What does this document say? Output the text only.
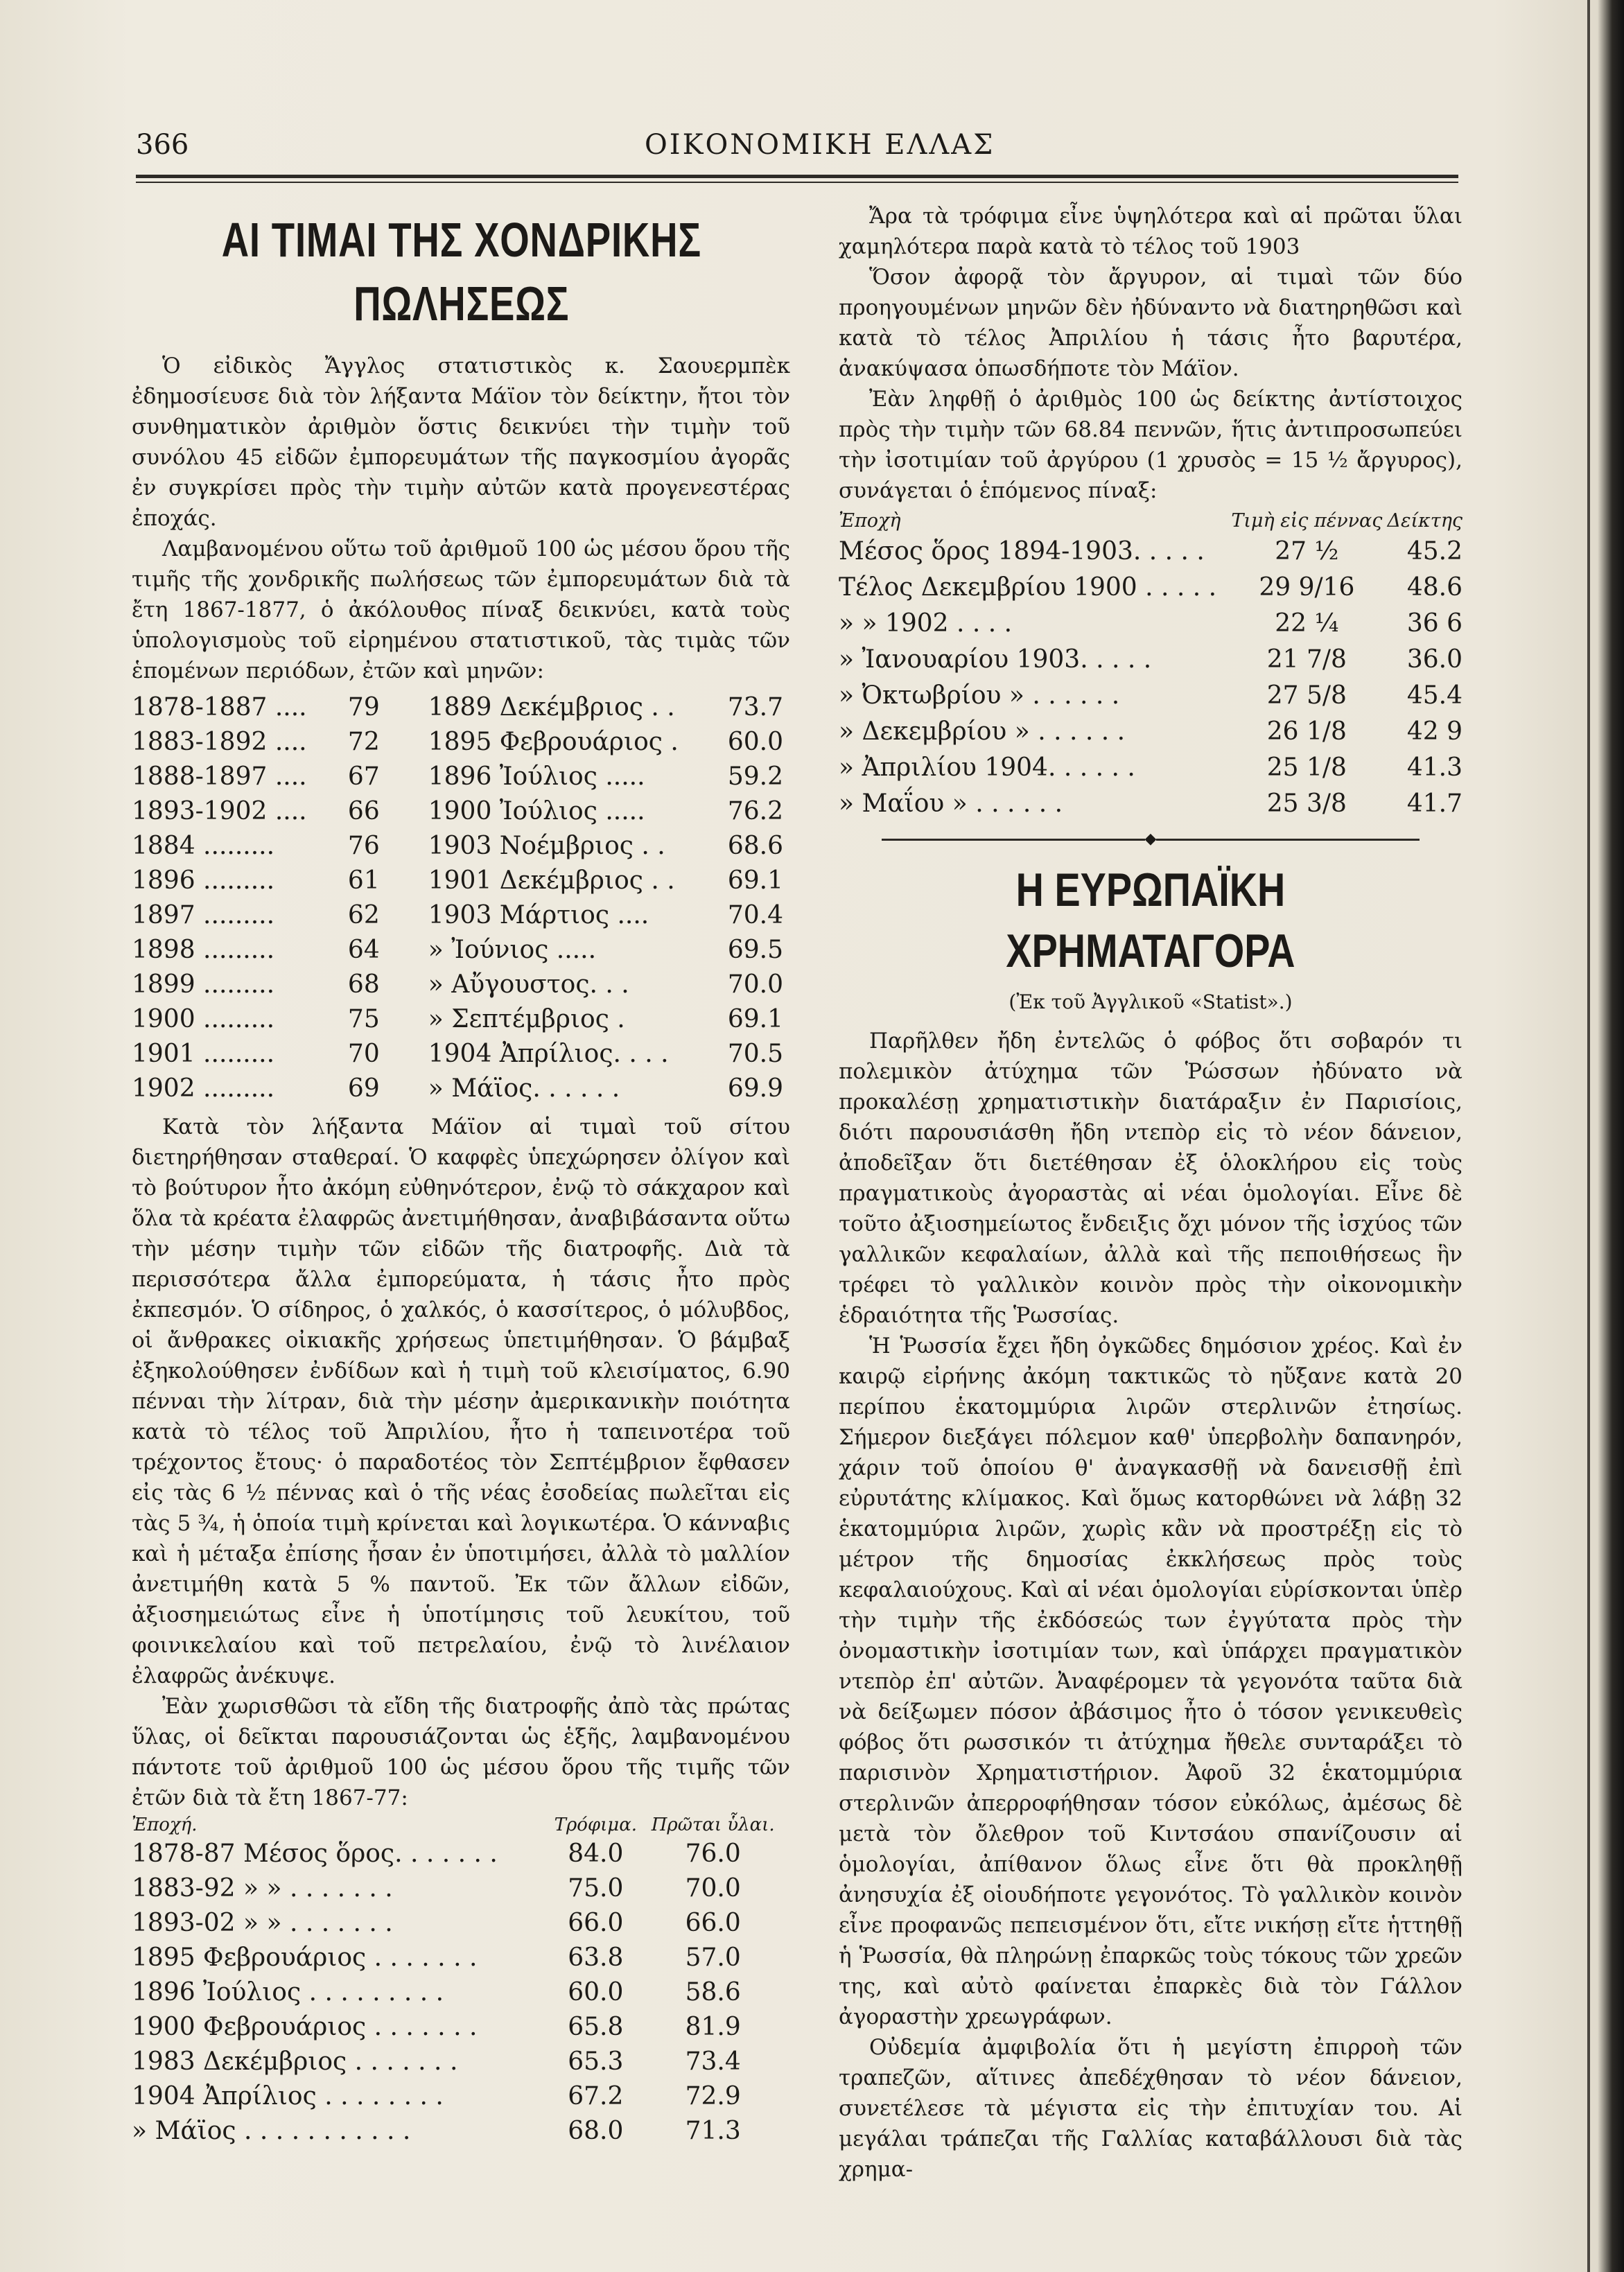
366	ΟΙΚΟΝΟΜΙΚΗ ΕΛΛΑΣ
ΑΙ ΤΙΜΑΙ ΤΗΣ ΧΟΝΔΡΙΚΗΣ ΠΩΛΗΣΕΩΣ

Ὁ εἰδικὸς Ἄγγλος στατιστικὸς κ. Σαουερμπὲκ ἐδημοσίευσε διὰ τὸν λήξαντα Μάϊον τὸν δείκτην, ἤτοι τὸν συνθηματικὸν ἀριθμὸν ὅστις δεικνύει τὴν τιμὴν τοῦ συνόλου 45 εἰδῶν ἐμπορευμάτων τῆς παγκοσμίου ἀγορᾶς ἐν συγκρίσει πρὸς τὴν τιμὴν αὐτῶν κατὰ προγενεστέρας ἐποχάς.

Λαμβανομένου οὕτω τοῦ ἀριθμοῦ 100 ὡς μέσου ὅρου τῆς τιμῆς τῆς χονδρικῆς πωλήσεως τῶν ἐμπορευμάτων διὰ τὰ ἔτη 1867-1877, ὁ ἀκόλουθος πίναξ δεικνύει, κατὰ τοὺς ὑπολογισμοὺς τοῦ εἰρημένου στατιστικοῦ, τὰς τιμὰς τῶν ἑπομένων περιόδων, ἐτῶν καὶ μηνῶν:

1878-1887 ....	79	1889 Δεκέμβριος . .	73.7
1883-1892 ....	72	1895 Φεβρουάριος .	60.0
1888-1897 ....	67	1896 Ἰούλιος .....	59.2
1893-1902 ....	66	1900 Ἰούλιος .....	76.2
1884 .........	76	1903 Νοέμβριος . .	68.6
1896 .........	61	1901 Δεκέμβριος . .	69.1
1897 .........	62	1903 Μάρτιος ....	70.4
1898 .........	64	» Ἰούνιος .....	69.5
1899 .........	68	» Αὔγουστος. . .	70.0
1900 .........	75	» Σεπτέμβριος .	69.1
1901 .........	70	1904 Ἀπρίλιος. . . .	70.5
1902 .........	69	» Μάϊος. . . . . .	69.9

Κατὰ τὸν λήξαντα Μάϊον αἱ τιμαὶ τοῦ σίτου διετηρήθησαν σταθεραί. Ὁ καφφὲς ὑπεχώρησεν ὀλίγον καὶ τὸ βούτυρον ἦτο ἀκόμη εὐθηνότερον, ἐνῷ τὸ σάκχαρον καὶ ὅλα τὰ κρέατα ἐλαφρῶς ἀνετιμήθησαν, ἀναβιβάσαντα οὕτω τὴν μέσην τιμὴν τῶν εἰδῶν τῆς διατροφῆς. Διὰ τὰ περισσότερα ἄλλα ἐμπορεύματα, ἡ τάσις ἦτο πρὸς ἐκπεσμόν. Ὁ σίδηρος, ὁ χαλκός, ὁ κασσίτερος, ὁ μόλυβδος, οἱ ἄνθρακες οἰκιακῆς χρήσεως ὑπετιμήθησαν. Ὁ βάμβαξ ἐξηκολούθησεν ἐνδίδων καὶ ἡ τιμὴ τοῦ κλεισίματος, 6.90 πένναι τὴν λίτραν, διὰ τὴν μέσην ἀμερικανικὴν ποιότητα κατὰ τὸ τέλος τοῦ Ἀπριλίου, ἦτο ἡ ταπεινοτέρα τοῦ τρέχοντος ἔτους· ὁ παραδοτέος τὸν Σεπτέμβριον ἔφθασεν εἰς τὰς 6 ½ πέννας καὶ ὁ τῆς νέας ἐσοδείας πωλεῖται εἰς τὰς 5 ¾, ἡ ὁποία τιμὴ κρίνεται καὶ λογικωτέρα. Ὁ κάνναβις καὶ ἡ μέταξα ἐπίσης ἦσαν ἐν ὑποτιμήσει, ἀλλὰ τὸ μαλλίον ἀνετιμήθη κατὰ 5 % παντοῦ. Ἐκ τῶν ἄλλων εἰδῶν, ἀξιοσημειώτως εἶνε ἡ ὑποτίμησις τοῦ λευκίτου, τοῦ φοινικελαίου καὶ τοῦ πετρελαίου, ἐνῷ τὸ λινέλαιον ἐλαφρῶς ἀνέκυψε.

Ἐὰν χωρισθῶσι τὰ εἴδη τῆς διατροφῆς ἀπὸ τὰς πρώτας ὕλας, οἱ δεῖκται παρουσιάζονται ὡς ἑξῆς, λαμβανομένου πάντοτε τοῦ ἀριθμοῦ 100 ὡς μέσου ὅρου τῆς τιμῆς τῶν ἐτῶν διὰ τὰ ἔτη 1867-77:

Ἐποχή.	Τρόφιμα.	Πρῶται ὗλαι.
1878-87 Μέσος ὅρος. . . . . . .	84.0	76.0
1883-92 » » . . . . . . .	75.0	70.0
1893-02 » » . . . . . . .	66.0	66.0
1895 Φεβρουάριος . . . . . . .	63.8	57.0
1896 Ἰούλιος . . . . . . . . .	60.0	58.6
1900 Φεβρουάριος . . . . . . .	65.8	81.9
1983 Δεκέμβριος . . . . . . .	65.3	73.4
1904 Ἀπρίλιος . . . . . . . .	67.2	72.9
» Μάϊος . . . . . . . . . . .	68.0	71.3

Ἄρα τὰ τρόφιμα εἶνε ὑψηλότερα καὶ αἱ πρῶται ὕλαι χαμηλότερα παρὰ κατὰ τὸ τέλος τοῦ 1903

Ὅσον ἀφορᾷ τὸν ἄργυρον, αἱ τιμαὶ τῶν δύο προηγουμένων μηνῶν δὲν ἠδύναντο νὰ διατηρηθῶσι καὶ κατὰ τὸ τέλος Ἀπριλίου ἡ τάσις ἦτο βαρυτέρα, ἀνακύψασα ὁπωσδήποτε τὸν Μάϊον.

Ἐὰν ληφθῇ ὁ ἀριθμὸς 100 ὡς δείκτης ἀντίστοιχος πρὸς τὴν τιμὴν τῶν 68.84 πεννῶν, ἥτις ἀντιπροσωπεύει τὴν ἰσοτιμίαν τοῦ ἀργύρου (1 χρυσὸς = 15 ½ ἄργυρος), συνάγεται ὁ ἑπόμενος πίναξ:

Ἐποχὴ	Τιμὴ εἰς πέννας	Δείκτης
Μέσος ὅρος 1894-1903. . . . .	27 ½	45.2
Τέλος Δεκεμβρίου 1900 . . . . .	29 9/16	48.6
» » 1902 . . . .	22 ¼	36 6
» Ἰανουαρίου 1903. . . . .	21 7/8	36.0
» Ὀκτωβρίου » . . . . . .	27 5/8	45.4
» Δεκεμβρίου » . . . . . .	26 1/8	42 9
» Ἀπριλίου 1904. . . . . .	25 1/8	41.3
» Μαΐου » . . . . . .	25 3/8	41.7
◆
Η ΕΥΡΩΠΑΪΚΗ ΧΡΗΜΑΤΑΓΟΡΑ
(Ἐκ τοῦ Ἀγγλικοῦ «Statist».)

Παρῆλθεν ἤδη ἐντελῶς ὁ φόβος ὅτι σοβαρόν τι πολεμικὸν ἀτύχημα τῶν Ῥώσσων ἠδύνατο νὰ προκαλέσῃ χρηματιστικὴν διατάραξιν ἐν Παρισίοις, διότι παρουσιάσθη ἤδη ντεπὸρ εἰς τὸ νέον δάνειον, ἀποδεῖξαν ὅτι διετέθησαν ἐξ ὁλοκλήρου εἰς τοὺς πραγματικοὺς ἀγοραστὰς αἱ νέαι ὁμολογίαι. Εἶνε δὲ τοῦτο ἀξιοσημείωτος ἔνδειξις ὄχι μόνον τῆς ἰσχύος τῶν γαλλικῶν κεφαλαίων, ἀλλὰ καὶ τῆς πεποιθήσεως ἣν τρέφει τὸ γαλλικὸν κοινὸν πρὸς τὴν οἰκονομικὴν ἑδραιότητα τῆς Ῥωσσίας.

Ἡ Ῥωσσία ἔχει ἤδη ὀγκῶδες δημόσιον χρέος. Καὶ ἐν καιρῷ εἰρήνης ἀκόμη τακτικῶς τὸ ηὔξανε κατὰ 20 περίπου ἑκατομμύρια λιρῶν στερλινῶν ἐτησίως. Σήμερον διεξάγει πόλεμον καθ' ὑπερβολὴν δαπανηρόν, χάριν τοῦ ὁποίου θ' ἀναγκασθῇ νὰ δανεισθῇ ἐπὶ εὐρυτάτης κλίμακος. Καὶ ὅμως κατορθώνει νὰ λάβῃ 32 ἑκατομμύρια λιρῶν, χωρὶς κἂν νὰ προστρέξῃ εἰς τὸ μέτρον τῆς δημοσίας ἐκκλήσεως πρὸς τοὺς κεφαλαιούχους. Καὶ αἱ νέαι ὁμολογίαι εὑρίσκονται ὑπὲρ τὴν τιμὴν τῆς ἐκδόσεώς των ἐγγύτατα πρὸς τὴν ὀνομαστικὴν ἰσοτιμίαν των, καὶ ὑπάρχει πραγματικὸν ντεπὸρ ἐπ' αὐτῶν. Ἀναφέρομεν τὰ γεγονότα ταῦτα διὰ νὰ δείξωμεν πόσον ἀβάσιμος ἦτο ὁ τόσον γενικευθεὶς φόβος ὅτι ρωσσικόν τι ἀτύχημα ἤθελε συνταράξει τὸ παρισινὸν Χρηματιστήριον. Ἀφοῦ 32 ἑκατομμύρια στερλινῶν ἀπερροφήθησαν τόσον εὐκόλως, ἀμέσως δὲ μετὰ τὸν ὄλεθρον τοῦ Κιντσάου σπανίζουσιν αἱ ὁμολογίαι, ἀπίθανον ὅλως εἶνε ὅτι θὰ προκληθῇ ἀνησυχία ἐξ οἱουδήποτε γεγονότος. Τὸ γαλλικὸν κοινὸν εἶνε προφανῶς πεπεισμένον ὅτι, εἴτε νικήσῃ εἴτε ἡττηθῇ ἡ Ῥωσσία, θὰ πληρώνῃ ἐπαρκῶς τοὺς τόκους τῶν χρεῶν της, καὶ αὐτὸ φαίνεται ἐπαρκὲς διὰ τὸν Γάλλον ἀγοραστὴν χρεωγράφων.

Οὐδεμία ἀμφιβολία ὅτι ἡ μεγίστη ἐπιρροὴ τῶν τραπεζῶν, αἵτινες ἀπεδέχθησαν τὸ νέον δάνειον, συνετέλεσε τὰ μέγιστα εἰς τὴν ἐπιτυχίαν του. Αἱ μεγάλαι τράπεζαι τῆς Γαλλίας καταβάλλουσι διὰ τὰς χρημα-
